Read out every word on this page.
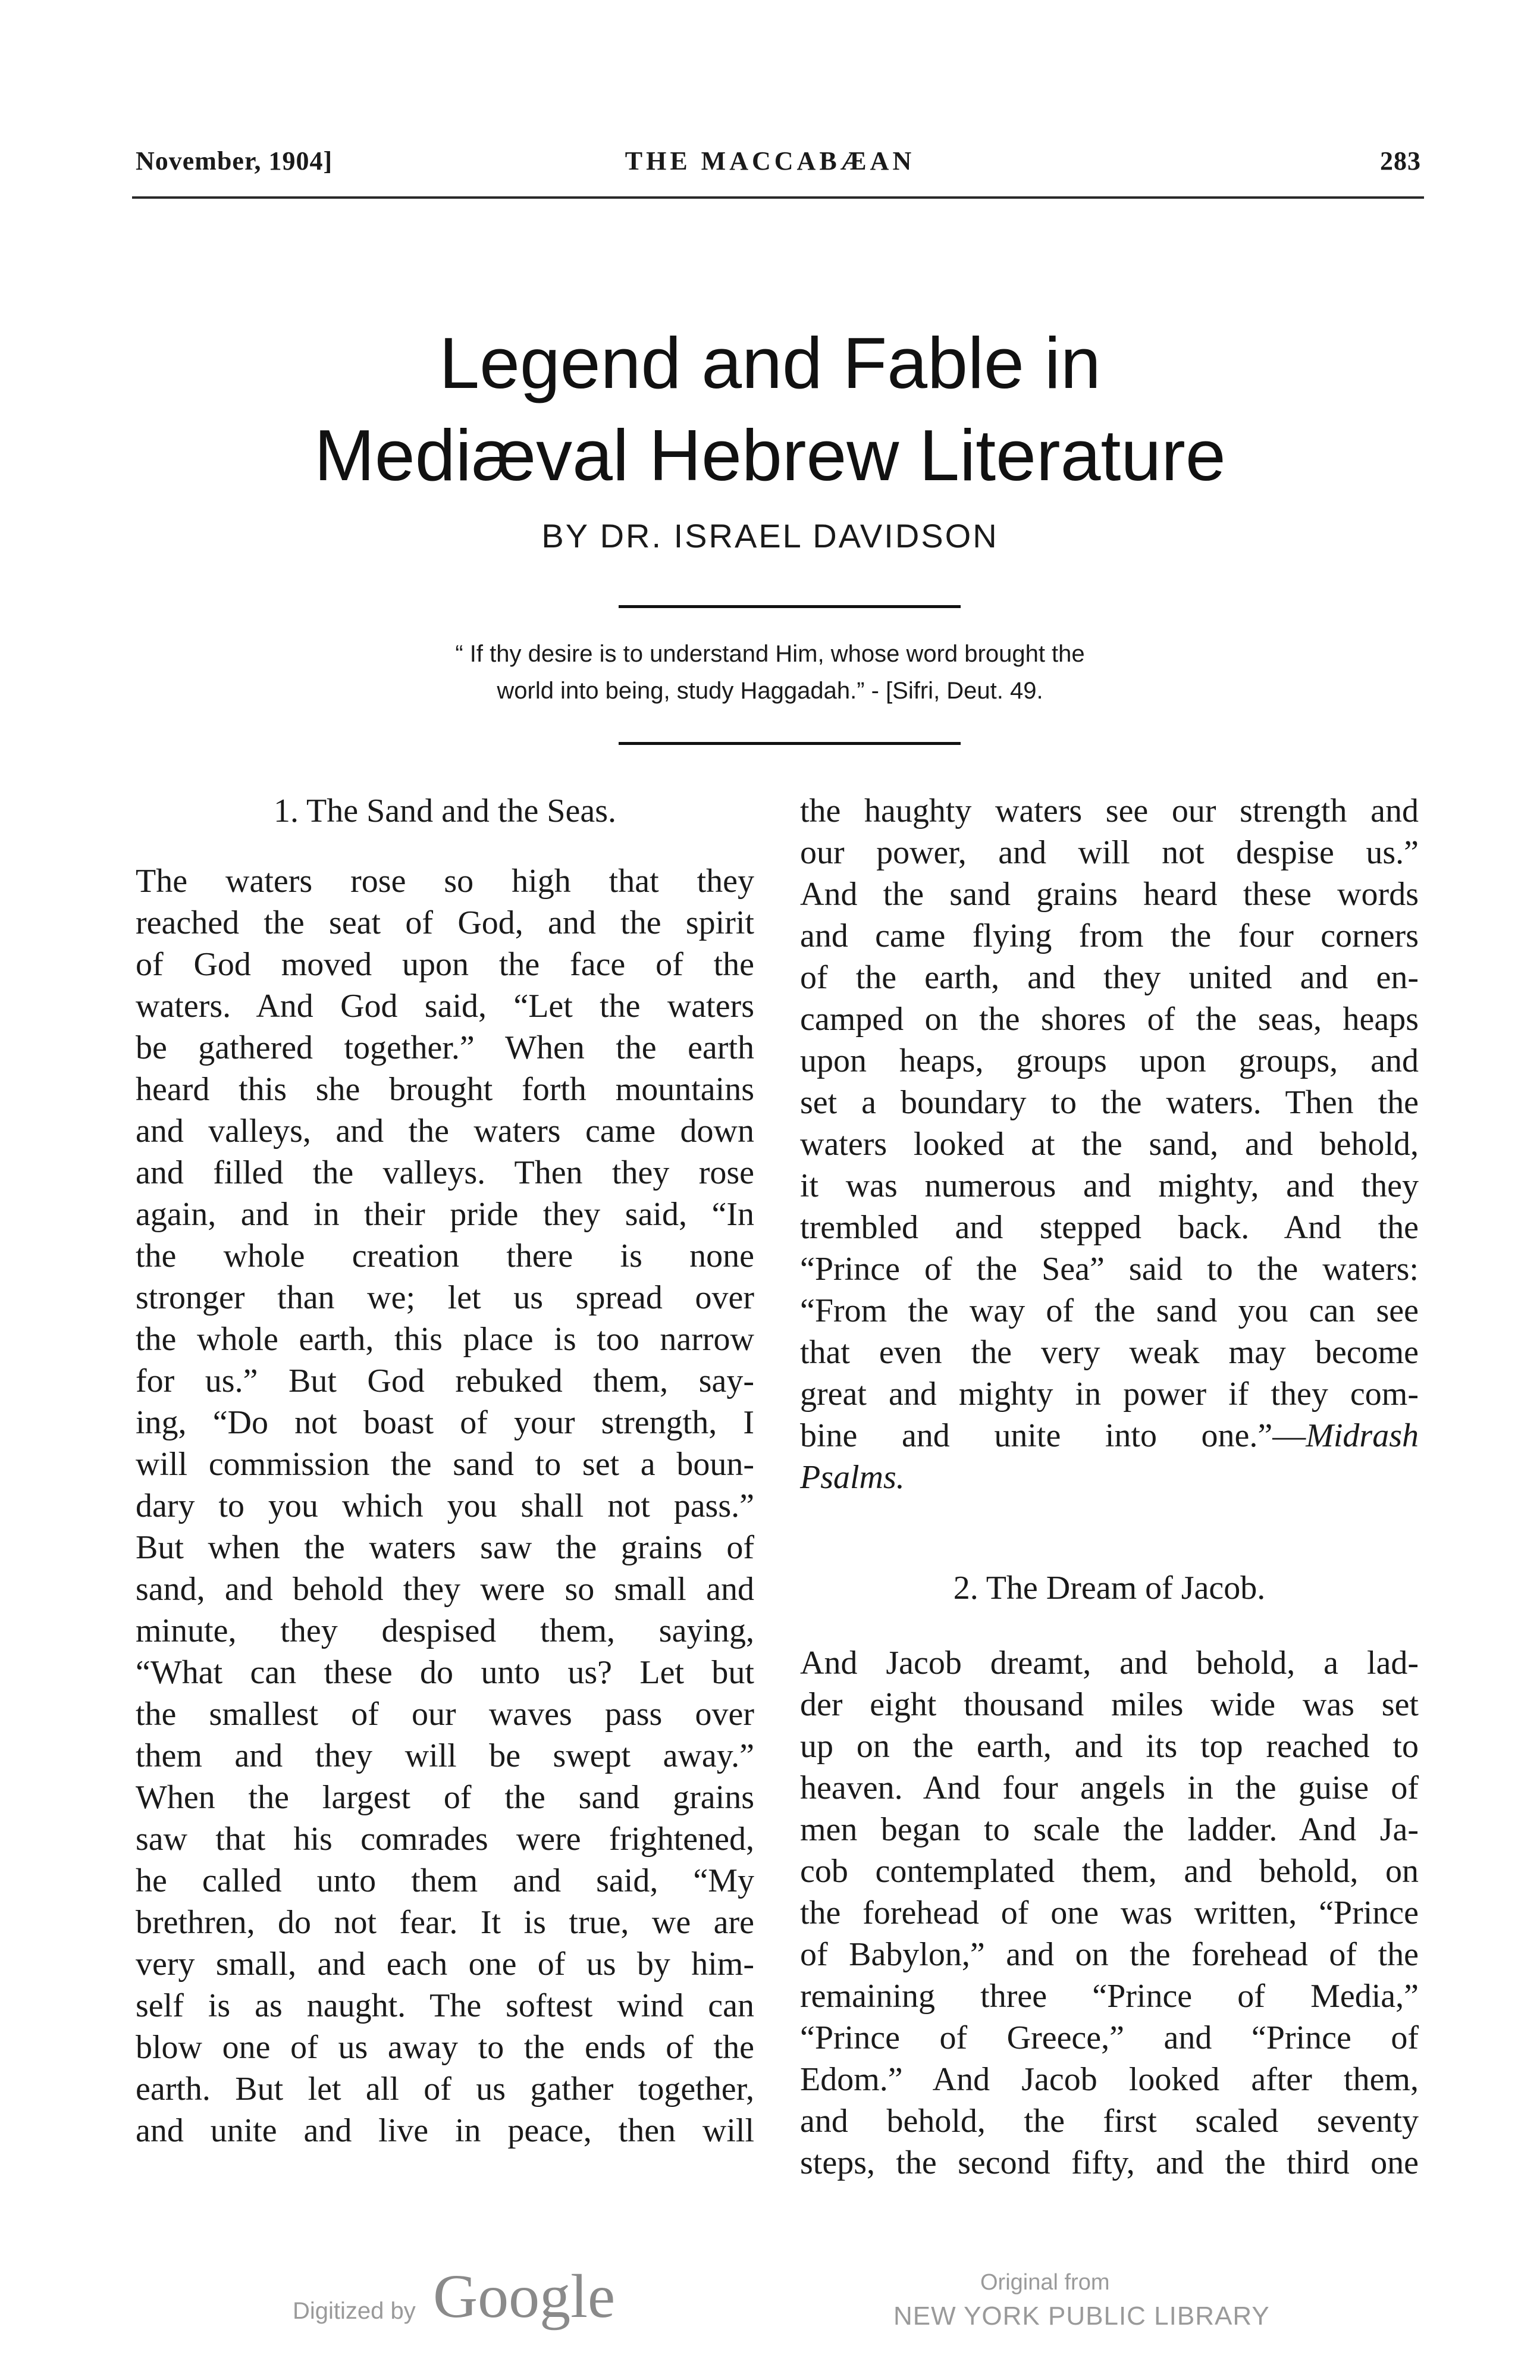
November, 1904]	THE MACCABÆAN	283
Legend and Fable in
Mediæval Hebrew Literature
BY DR. ISRAEL DAVIDSON
“ If thy desire is to understand Him, whose word brought the
world into being, study Haggadah.” - [Sifri, Deut. 49.

1. The Sand and the Seas.

The waters rose so high that they
reached the seat of God, and the spirit
of God moved upon the face of the
waters. And God said, “Let the waters
be gathered together.” When the earth
heard this she brought forth mountains
and valleys, and the waters came down
and filled the valleys. Then they rose
again, and in their pride they said, “In
the whole creation there is none
stronger than we; let us spread over
the whole earth, this place is too narrow
for us.” But God rebuked them, say-
ing, “Do not boast of your strength, I
will commission the sand to set a boun-
dary to you which you shall not pass.”
But when the waters saw the grains of
sand, and behold they were so small and
minute, they despised them, saying,
“What can these do unto us? Let but
the smallest of our waves pass over
them and they will be swept away.”
When the largest of the sand grains
saw that his comrades were frightened,
he called unto them and said, “My
brethren, do not fear. It is true, we are
very small, and each one of us by him-
self is as naught. The softest wind can
blow one of us away to the ends of the
earth. But let all of us gather together,
and unite and live in peace, then will
the haughty waters see our strength and
our power, and will not despise us.”
And the sand grains heard these words
and came flying from the four corners
of the earth, and they united and en-
camped on the shores of the seas, heaps
upon heaps, groups upon groups, and
set a boundary to the waters. Then the
waters looked at the sand, and behold,
it was numerous and mighty, and they
trembled and stepped back. And the
“Prince of the Sea” said to the waters:
“From the way of the sand you can see
that even the very weak may become
great and mighty in power if they com-
bine and unite into one.”—Midrash
Psalms.

2. The Dream of Jacob.

And Jacob dreamt, and behold, a lad-
der eight thousand miles wide was set
up on the earth, and its top reached to
heaven. And four angels in the guise of
men began to scale the ladder. And Ja-
cob contemplated them, and behold, on
the forehead of one was written, “Prince
of Babylon,” and on the forehead of the
remaining three “Prince of Media,”
“Prince of Greece,” and “Prince of
Edom.” And Jacob looked after them,
and behold, the first scaled seventy
steps, the second fifty, and the third one
Digitized by Google	Original from
NEW YORK PUBLIC LIBRARY
